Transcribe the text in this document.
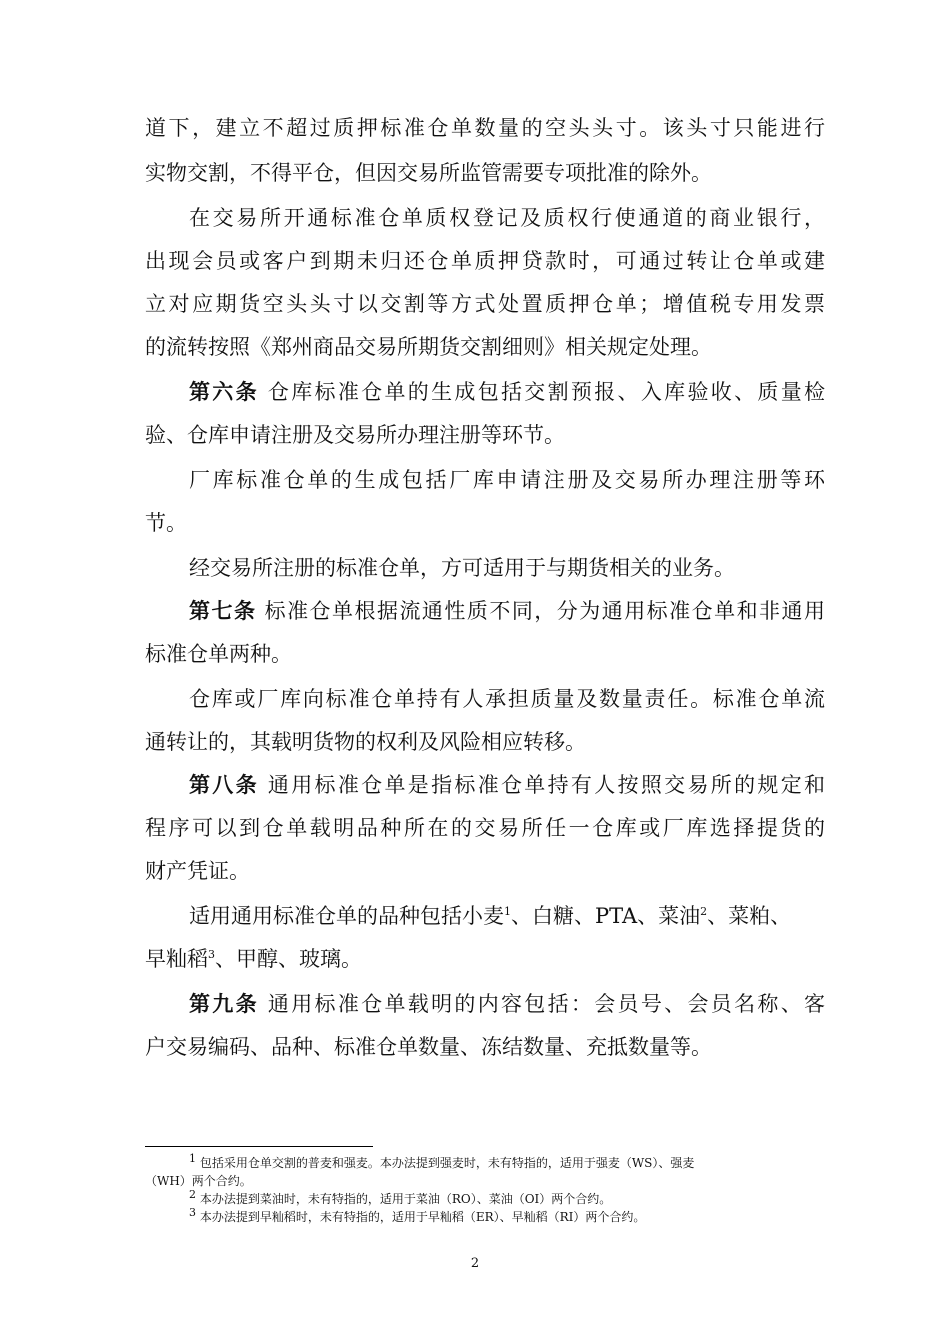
道下，建立不超过质押标准仓单数量的空头头寸。该头寸只能进行
实物交割，不得平仓，但因交易所监管需要专项批准的除外。
在交易所开通标准仓单质权登记及质权行使通道的商业银行，
出现会员或客户到期未归还仓单质押贷款时，可通过转让仓单或建
立对应期货空头头寸以交割等方式处置质押仓单；增值税专用发票
的流转按照《郑州商品交易所期货交割细则》相关规定处理。
第六条 仓库标准仓单的生成包括交割预报、入库验收、质量检
验、仓库申请注册及交易所办理注册等环节。
厂库标准仓单的生成包括厂库申请注册及交易所办理注册等环
节。
经交易所注册的标准仓单，方可适用于与期货相关的业务。
第七条 标准仓单根据流通性质不同，分为通用标准仓单和非通用
标准仓单两种。
仓库或厂库向标准仓单持有人承担质量及数量责任。标准仓单流
通转让的，其载明货物的权利及风险相应转移。
第八条 通用标准仓单是指标准仓单持有人按照交易所的规定和
程序可以到仓单载明品种所在的交易所任一仓库或厂库选择提货的
财产凭证。
适用通用标准仓单的品种包括小麦$^1$、白糖、PTA、菜油$^2$、菜粕、
早籼稻$^3$、甲醇、玻璃。
第九条 通用标准仓单载明的内容包括：会员号、会员名称、客
户交易编码、品种、标准仓单数量、冻结数量、充抵数量等。
$^1$ 包括采用仓单交割的普麦和强麦。本办法提到强麦时，未有特指的，适用于强麦（WS）、强麦
（WH）两个合约。
$^2$ 本办法提到菜油时，未有特指的，适用于菜油（RO）、菜油（OI）两个合约。
$^3$ 本办法提到早籼稻时，未有特指的，适用于早籼稻（ER）、早籼稻（RI）两个合约。
2
